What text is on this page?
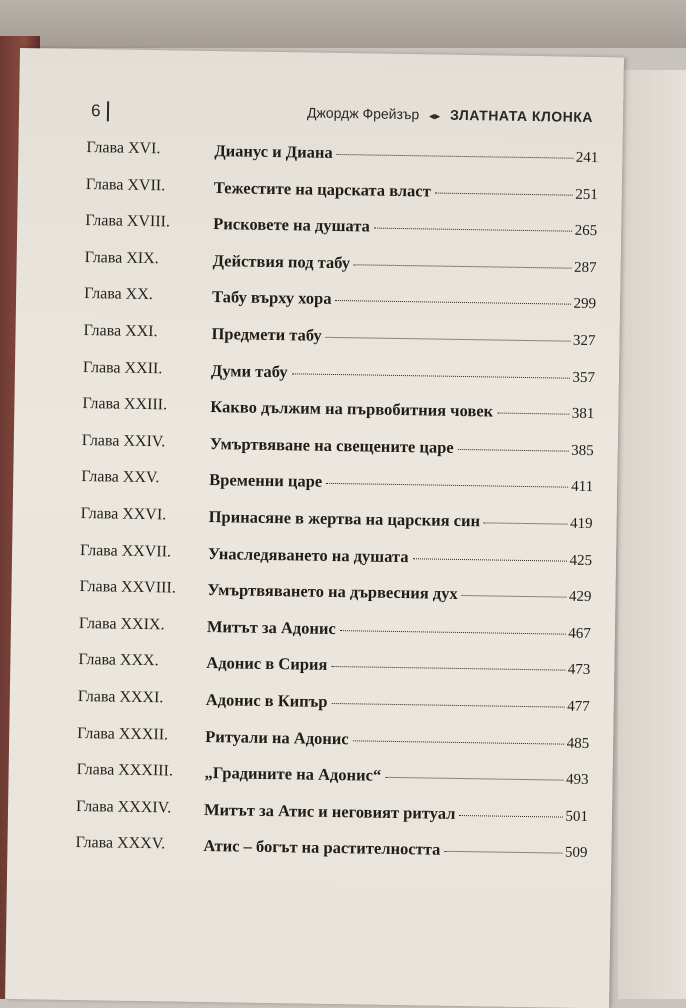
6	Джордж Фрейзър ◂▸ ЗЛАТНАТА КЛОНКА
Глава XVI.	Дианус и Диана	241
Глава XVII.	Тежестите на царската власт	251
Глава XVIII.	Рисковете на душата	265
Глава XIX.	Действия под табу	287
Глава XX.	Табу върху хора	299
Глава XXI.	Предмети табу	327
Глава XXII.	Думи табу	357
Глава XXIII.	Какво дължим на първобитния човек	381
Глава XXIV.	Умъртвяване на свещените царе	385
Глава XXV.	Временни царе	411
Глава XXVI.	Принасяне в жертва на царския син	419
Глава XXVII. Унаследяването на душата	425
Глава XXVIII. Умъртвяването на дървесния дух	429
Глава XXIX.	Митът за Адонис	467
Глава XXX.	Адонис в Сирия	473
Глава XXXI.	Адонис в Кипър	477
Глава XXXII. Ритуали на Адонис	485
Глава XXXIII. „Градините на Адонис“	493
Глава XXXIV. Митът за Атис и неговият ритуал	501
Глава XXXV. Атис – богът на растителността	509
